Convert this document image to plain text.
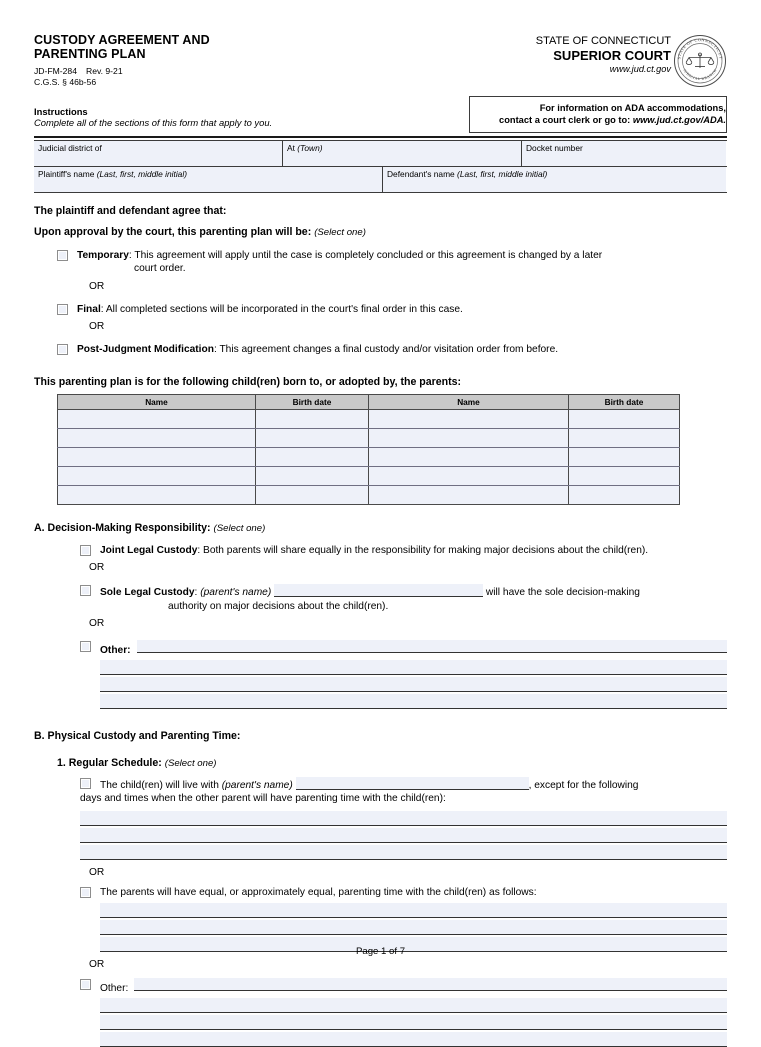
CUSTODY AGREEMENT AND
PARENTING PLAN
JD-FM-284 Rev. 9-21
C.G.S. § 46b-56
Instructions
Complete all of the sections of this form that apply to you.
STATE OF CONNECTICUT
SUPERIOR COURT
www.jud.ct.gov
STATE OF CONNECTICUT
JUDICIAL BRANCH
For information on ADA accommodations,
contact a court clerk or go to: www.jud.ct.gov/ADA.
Judicial district of	At (Town)	Docket number
Plaintiff's name (Last, first, middle initial)	Defendant's name (Last, first, middle initial)
The plaintiff and defendant agree that:
Upon approval by the court, this parenting plan will be: (Select one)
Temporary: This agreement will apply until the case is completely concluded or this agreement is changed by a later
court order.
OR
Final: All completed sections will be incorporated in the court's final order in this case.
OR
Post-Judgment Modification: This agreement changes a final custody and/or visitation order from before.
This parenting plan is for the following child(ren) born to, or adopted by, the parents:
Name	Birth date	Name	Birth date

A. Decision-Making Responsibility: (Select one)
Joint Legal Custody: Both parents will share equally in the responsibility for making major decisions about the child(ren).
OR
Sole Legal Custody: (parent's name)	will have the sole decision-making
authority on major decisions about the child(ren).
OR
Other:
B. Physical Custody and Parenting Time:
1. Regular Schedule: (Select one)
The child(ren) will live with (parent's name)	, except for the following
days and times when the other parent will have parenting time with the child(ren):
OR
The parents will have equal, or approximately equal, parenting time with the child(ren) as follows:
OR
Other:
Page 1 of 7
